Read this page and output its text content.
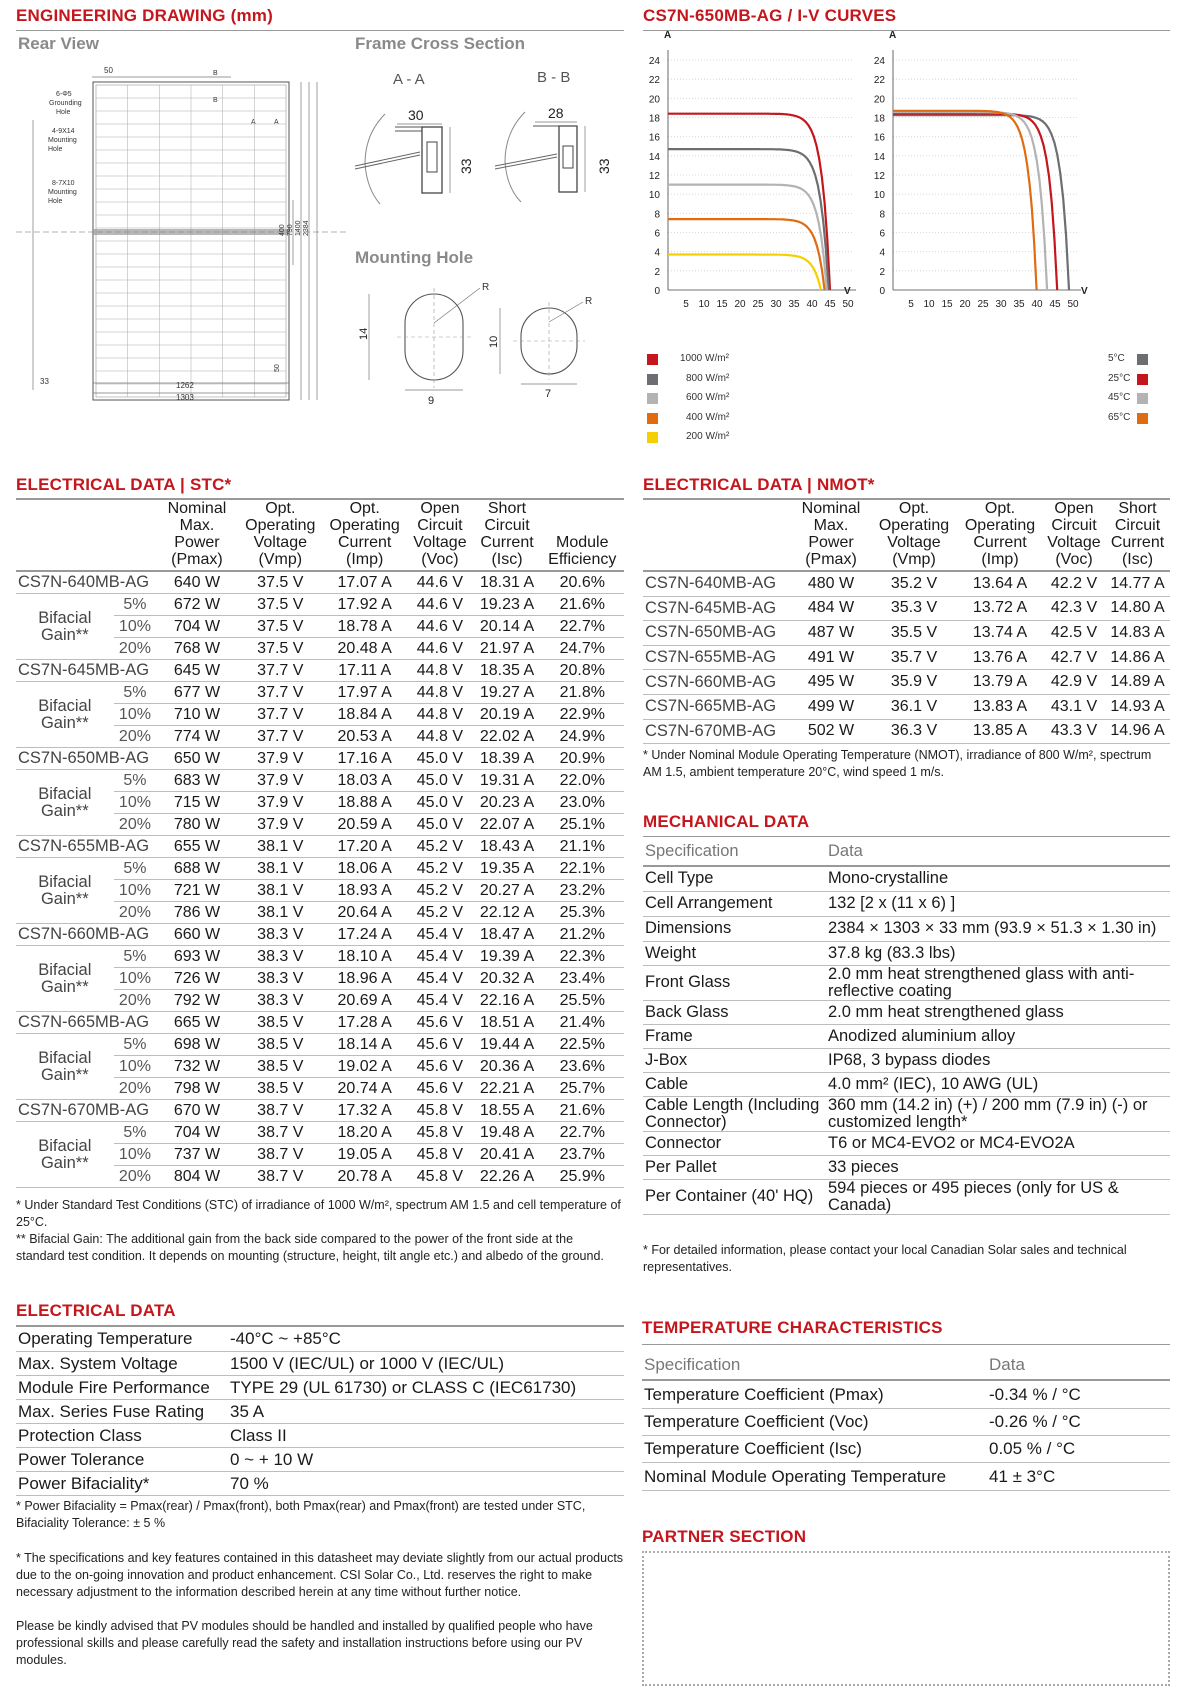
ENGINEERING DRAWING (mm)
Rear View	Frame Cross Section
Mounting Hole
50	B
B
A	A
6-Φ5
Grounding
Hole
4-9X14
Mounting
Hole
8-7X10
Mounting
Hole
33
400 790 1400 2384
50
1262
1303
A - A	B - B
30	28
33	33
R
14
9
R
10
7
CS7N-650MB-AG / I-V CURVES
A
0
2
4
6
8
10
12
14
16
18
20
22
24
5 10 15 20 25 30 35 40 45 50
V
A
0
2
4
6
8
10
12
14
16
18
20
22
24
5 10 15 20 25 30 35 40 45 50
V
1000 W/m²
800 W/m²
600 W/m²
400 W/m²
200 W/m²
5°C
25°C
45°C
65°C
ELECTRICAL DATA | STC*
		Nominal Max. Power (Pmax)	Opt. Operating Voltage (Vmp)	Opt. Operating Current (Imp)	Open Circuit Voltage (Voc)	Short Circuit Current (Isc)	Module Efficiency
CS7N-640MB-AG		640 W	37.5 V	17.07 A	44.6 V	18.31 A	20.6%

Bifacial
Gain**	5%	672 W	37.5 V	17.92 A	44.6 V	19.23 A	21.6%
	10%	704 W	37.5 V	18.78 A	44.6 V	20.14 A	22.7%
	20%	768 W	37.5 V	20.48 A	44.6 V	21.97 A	24.7%
CS7N-645MB-AG		645 W	37.7 V	17.11 A	44.8 V	18.35 A	20.8%

Bifacial
Gain**	5%	677 W	37.7 V	17.97 A	44.8 V	19.27 A	21.8%
	10%	710 W	37.7 V	18.84 A	44.8 V	20.19 A	22.9%
	20%	774 W	37.7 V	20.53 A	44.8 V	22.02 A	24.9%
CS7N-650MB-AG		650 W	37.9 V	17.16 A	45.0 V	18.39 A	20.9%

Bifacial
Gain**	5%	683 W	37.9 V	18.03 A	45.0 V	19.31 A	22.0%
	10%	715 W	37.9 V	18.88 A	45.0 V	20.23 A	23.0%
	20%	780 W	37.9 V	20.59 A	45.0 V	22.07 A	25.1%
CS7N-655MB-AG		655 W	38.1 V	17.20 A	45.2 V	18.43 A	21.1%

Bifacial
Gain**	5%	688 W	38.1 V	18.06 A	45.2 V	19.35 A	22.1%
	10%	721 W	38.1 V	18.93 A	45.2 V	20.27 A	23.2%
	20%	786 W	38.1 V	20.64 A	45.2 V	22.12 A	25.3%
CS7N-660MB-AG		660 W	38.3 V	17.24 A	45.4 V	18.47 A	21.2%

Bifacial
Gain**	5%	693 W	38.3 V	18.10 A	45.4 V	19.39 A	22.3%
	10%	726 W	38.3 V	18.96 A	45.4 V	20.32 A	23.4%
	20%	792 W	38.3 V	20.69 A	45.4 V	22.16 A	25.5%
CS7N-665MB-AG		665 W	38.5 V	17.28 A	45.6 V	18.51 A	21.4%

Bifacial
Gain**	5%	698 W	38.5 V	18.14 A	45.6 V	19.44 A	22.5%
	10%	732 W	38.5 V	19.02 A	45.6 V	20.36 A	23.6%
	20%	798 W	38.5 V	20.74 A	45.6 V	22.21 A	25.7%
CS7N-670MB-AG		670 W	38.7 V	17.32 A	45.8 V	18.55 A	21.6%

Bifacial
Gain**	5%	704 W	38.7 V	18.20 A	45.8 V	19.48 A	22.7%
	10%	737 W	38.7 V	19.05 A	45.8 V	20.41 A	23.7%
	20%	804 W	38.7 V	20.78 A	45.8 V	22.26 A	25.9%
* Under Standard Test Conditions (STC) of irradiance of 1000 W/m², spectrum AM 1.5 and cell temperature of 25°C.
** Bifacial Gain: The additional gain from the back side compared to the power of the front side at the standard test condition. It depends on mounting (structure, height, tilt angle etc.) and albedo of the ground.
ELECTRICAL DATA | NMOT*
	Nominal Max. Power (Pmax)	Opt. Operating Voltage (Vmp)	Opt. Operating Current (Imp)	Open Circuit Voltage (Voc)	Short Circuit Current (Isc)
CS7N-640MB-AG	480 W	35.2 V	13.64 A	42.2 V	14.77 A
CS7N-645MB-AG	484 W	35.3 V	13.72 A	42.3 V	14.80 A
CS7N-650MB-AG	487 W	35.5 V	13.74 A	42.5 V	14.83 A
CS7N-655MB-AG	491 W	35.7 V	13.76 A	42.7 V	14.86 A
CS7N-660MB-AG	495 W	35.9 V	13.79 A	42.9 V	14.89 A
CS7N-665MB-AG	499 W	36.1 V	13.83 A	43.1 V	14.93 A
CS7N-670MB-AG	502 W	36.3 V	13.85 A	43.3 V	14.96 A
* Under Nominal Module Operating Temperature (NMOT), irradiance of 800 W/m², spectrum AM 1.5, ambient temperature 20°C, wind speed 1 m/s.
MECHANICAL DATA
Specification	Data
Cell Type	Mono-crystalline
Cell Arrangement	132 [2 x (11 x 6) ]
Dimensions	2384 × 1303 × 33 mm (93.9 × 51.3 × 1.30 in)
Weight	37.8 kg (83.3 lbs)
Front Glass	2.0 mm heat strengthened glass with anti-reflective coating
Back Glass	2.0 mm heat strengthened glass
Frame	Anodized aluminium alloy
J-Box	IP68, 3 bypass diodes
Cable	4.0 mm² (IEC), 10 AWG (UL)
Cable Length (Including Connector)	360 mm (14.2 in) (+) / 200 mm (7.9 in) (-) or customized length*
Connector	T6 or MC4-EVO2 or MC4-EVO2A
Per Pallet	33 pieces
Per Container (40' HQ)	594 pieces or 495 pieces (only for US & Canada)
* For detailed information, please contact your local Canadian Solar sales and technical representatives.
ELECTRICAL DATA
Operating Temperature	-40°C ~ +85°C
Max. System Voltage	1500 V (IEC/UL) or 1000 V (IEC/UL)
Module Fire Performance	TYPE 29 (UL 61730) or CLASS C (IEC61730)
Max. Series Fuse Rating	35 A
Protection Class	Class II
Power Tolerance	0 ~ + 10 W
Power Bifaciality*	70 %
* Power Bifaciality = Pmax(rear) / Pmax(front), both Pmax(rear) and Pmax(front) are tested under STC, Bifaciality Tolerance: ± 5 %
TEMPERATURE CHARACTERISTICS
Specification	Data
Temperature Coefficient (Pmax)	-0.34 % / °C
Temperature Coefficient (Voc)	-0.26 % / °C
Temperature Coefficient (Isc)	0.05 % / °C
Nominal Module Operating Temperature	41 ± 3°C
* The specifications and key features contained in this datasheet may deviate slightly from our actual products due to the on-going innovation and product enhancement. CSI Solar Co., Ltd. reserves the right to make necessary adjustment to the information described herein at any time without further notice.
Please be kindly advised that PV modules should be handled and installed by qualified people who have professional skills and please carefully read the safety and installation instructions before using our PV modules.
PARTNER SECTION
